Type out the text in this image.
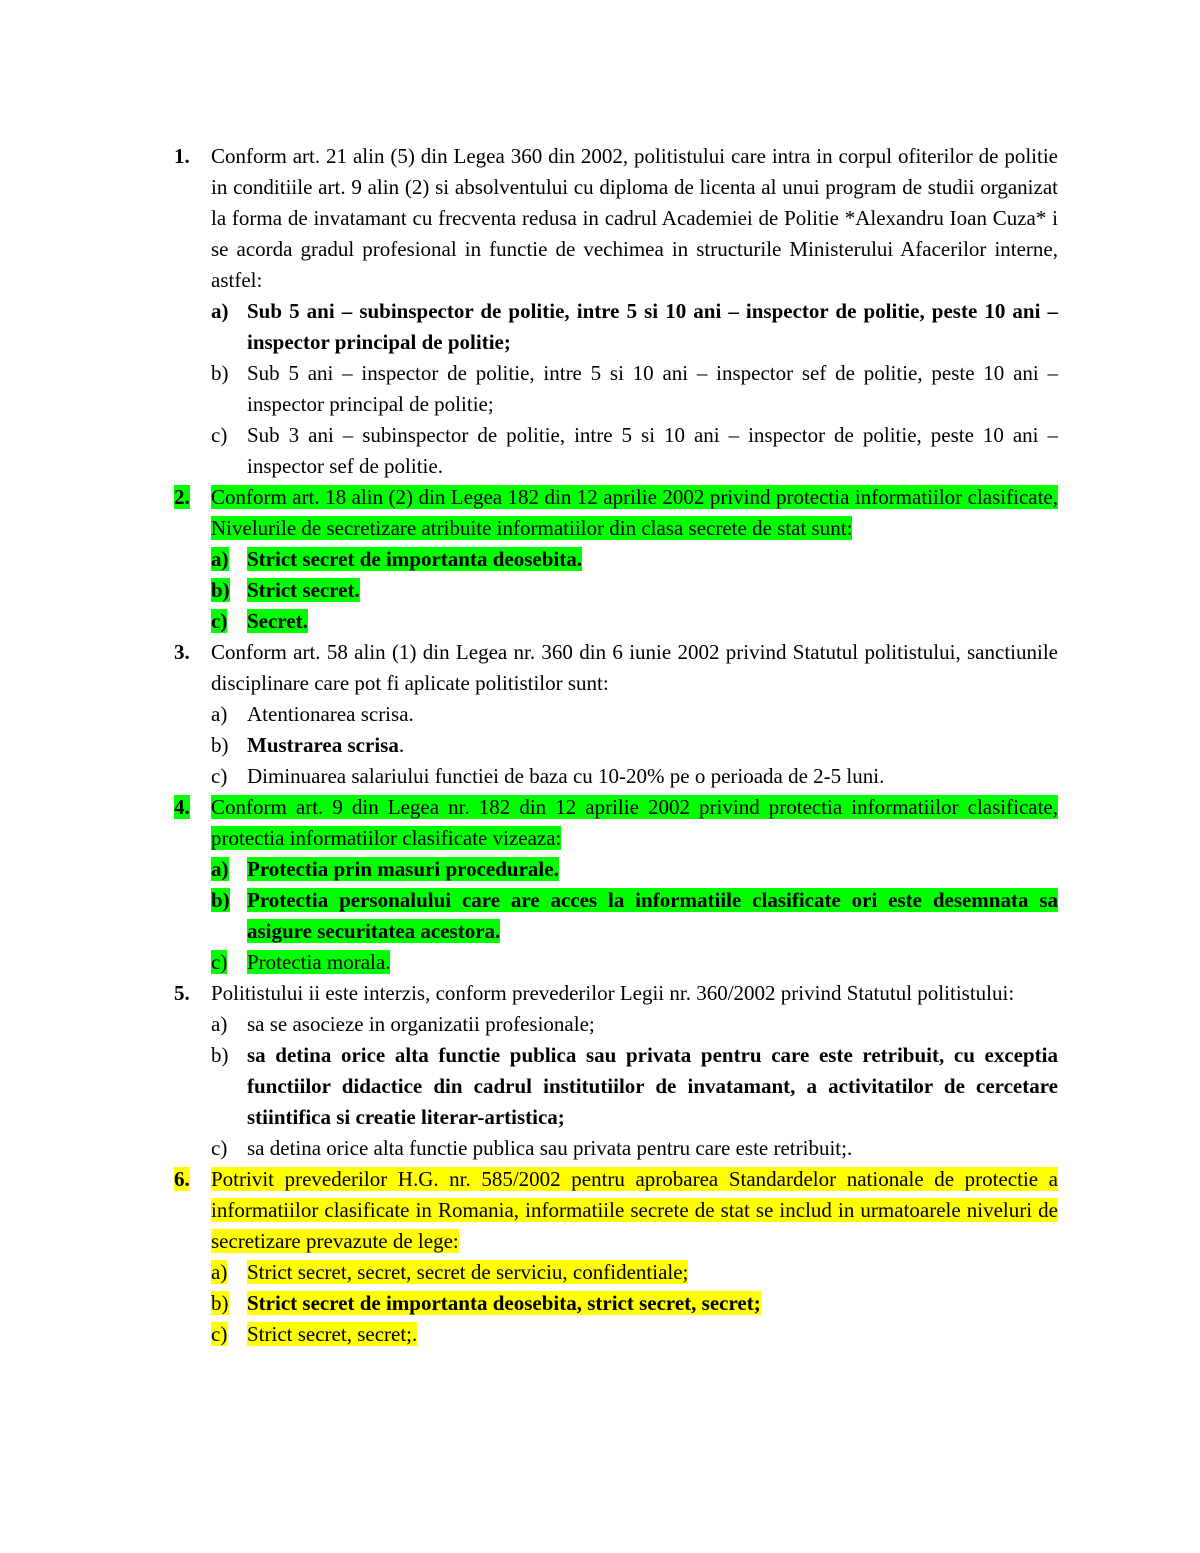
1.	Conform art. 21 alin (5) din Legea 360 din 2002, politistului care intra in corpul ofiterilor de politie in conditiile art. 9 alin (2) si absolventului cu diploma de licenta al unui program de studii organizat la forma de invatamant cu frecventa redusa in cadrul Academiei de Politie *Alexandru Ioan Cuza* i se acorda gradul profesional in functie de vechimea in structurile Ministerului Afacerilor interne, astfel:
a) Sub 5 ani – subinspector de politie, intre 5 si 10 ani – inspector de politie, peste 10 ani – inspector principal de politie;
b) Sub 5 ani – inspector de politie, intre 5 si 10 ani – inspector sef de politie, peste 10 ani – inspector principal de politie;
c) Sub 3 ani – subinspector de politie, intre 5 si 10 ani – inspector de politie, peste 10 ani – inspector sef de politie.
2.	Conform art. 18 alin (2) din Legea 182 din 12 aprilie 2002 privind protectia informatiilor clasificate, Nivelurile de secretizare atribuite informatiilor din clasa secrete de stat sunt:
a) Strict secret de importanta deosebita.
b) Strict secret.
c) Secret.
3.	Conform art. 58 alin (1) din Legea nr. 360 din 6 iunie 2002 privind Statutul politistului, sanctiunile disciplinare care pot fi aplicate politistilor sunt:
a) Atentionarea scrisa.
b) Mustrarea scrisa.
c) Diminuarea salariului functiei de baza cu 10-20% pe o perioada de 2-5 luni.
4.	Conform art. 9 din Legea nr. 182 din 12 aprilie 2002 privind protectia informatiilor clasificate, protectia informatiilor clasificate vizeaza:
a) Protectia prin masuri procedurale.
b) Protectia personalului care are acces la informatiile clasificate ori este desemnata sa asigure securitatea acestora.
c) Protectia morala.
5.	Politistului ii este interzis, conform prevederilor Legii nr. 360/2002 privind Statutul politistului:
a) sa se asocieze in organizatii profesionale;
b) sa detina orice alta functie publica sau privata pentru care este retribuit, cu exceptia functiilor didactice din cadrul institutiilor de invatamant, a activitatilor de cercetare stiintifica si creatie literar-artistica;
c) sa detina orice alta functie publica sau privata pentru care este retribuit;.
6.	Potrivit prevederilor H.G. nr. 585/2002 pentru aprobarea Standardelor nationale de protectie a informatiilor clasificate in Romania, informatiile secrete de stat se includ in urmatoarele niveluri de secretizare prevazute de lege:
a) Strict secret, secret, secret de serviciu, confidentiale;
b) Strict secret de importanta deosebita, strict secret, secret;
c) Strict secret, secret;.
